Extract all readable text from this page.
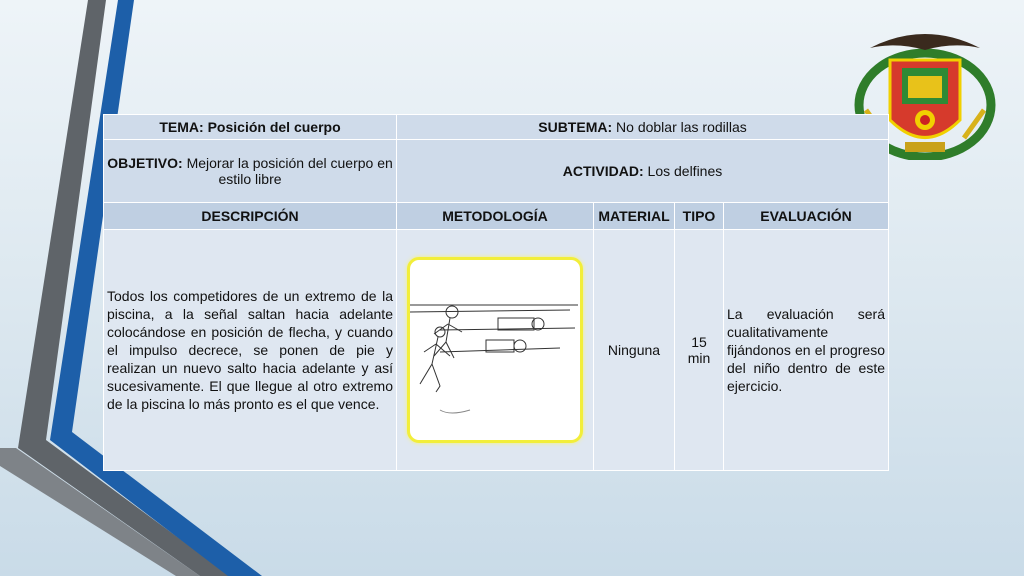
TEMA: Posición del cuerpo	SUBTEMA: No doblar las rodillas			
OBJETIVO: Mejorar la posición del cuerpo en estilo libre	ACTIVIDAD: Los delfines			
DESCRIPCIÓN	METODOLOGÍA	MATERIAL	TIPO	EVALUACIÓN
Todos los competidores de un extremo de la piscina, a la señal saltan hacia adelante colocándose en posición de flecha, y cuando el impulso decrece, se ponen de pie y realizan un nuevo salto hacia adelante y así sucesivamente. El que llegue al otro extremo de la piscina lo más pronto es el que vence.		Ninguna	15 min	La evaluación será cualitativamente fijándonos en el progreso del niño dentro de este ejercicio.
